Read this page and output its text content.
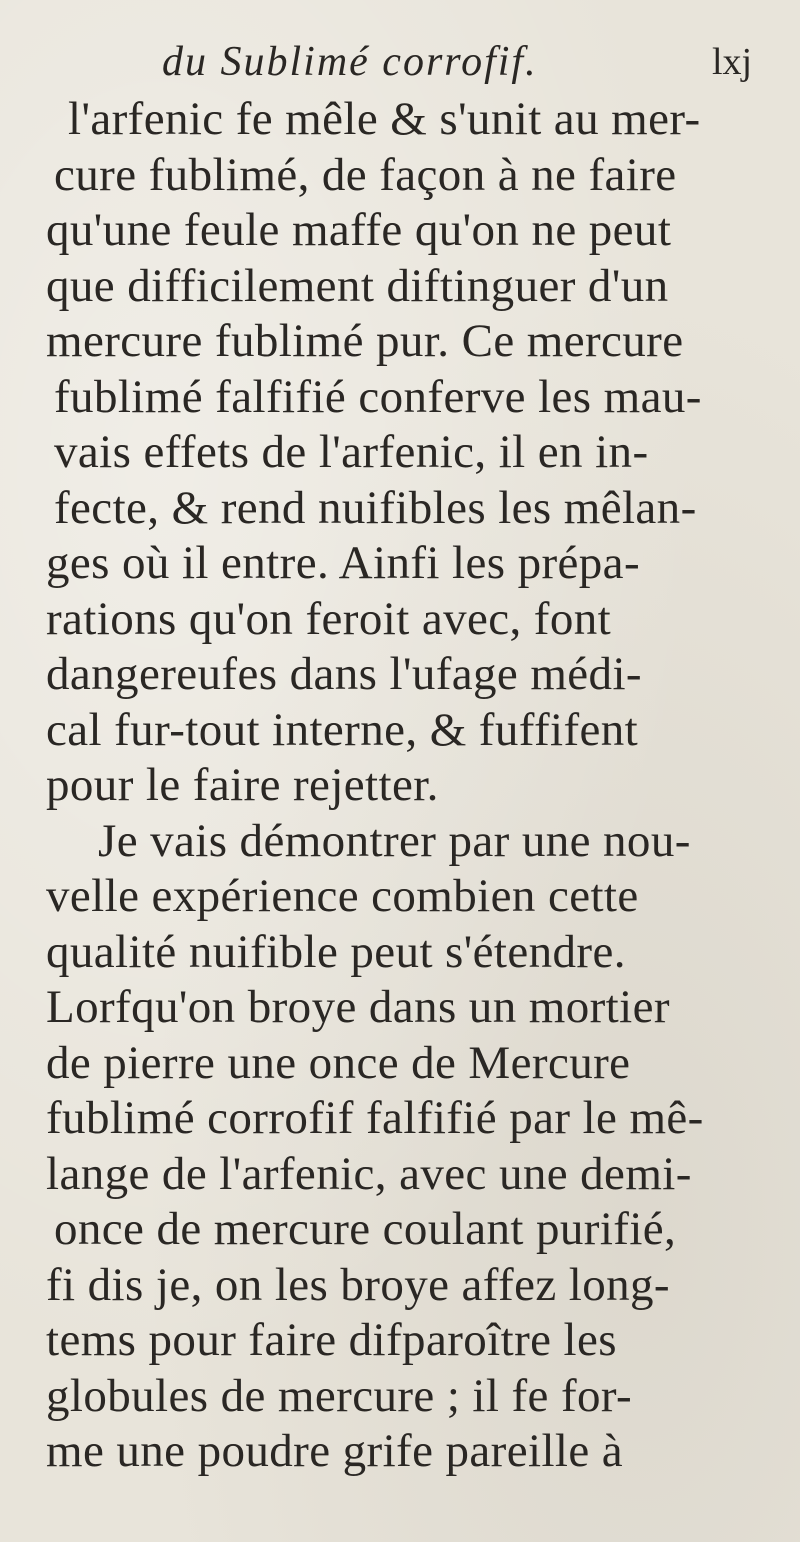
du Sublimé corrofif.	lxj
l'arfenic fe mêle & s'unit au mer-
cure fublimé, de façon à ne faire
qu'une feule maffe qu'on ne peut
que difficilement diftinguer d'un
mercure fublimé pur. Ce mercure
fublimé falfifié conferve les mau-
vais effets de l'arfenic, il en in-
fecte, & rend nuifibles les mêlan-
ges où il entre. Ainfi les prépa-
rations qu'on feroit avec, font
dangereufes dans l'ufage médi-
cal fur-tout interne, & fuffifent
pour le faire rejetter.
Je vais démontrer par une nou-
velle expérience combien cette
qualité nuifible peut s'étendre.
Lorfqu'on broye dans un mortier
de pierre une once de Mercure
fublimé corrofif falfifié par le mê-
lange de l'arfenic, avec une demi-
once de mercure coulant purifié,
fi dis je, on les broye affez long-
tems pour faire difparoître les
globules de mercure ; il fe for-
me une poudre grife pareille à
